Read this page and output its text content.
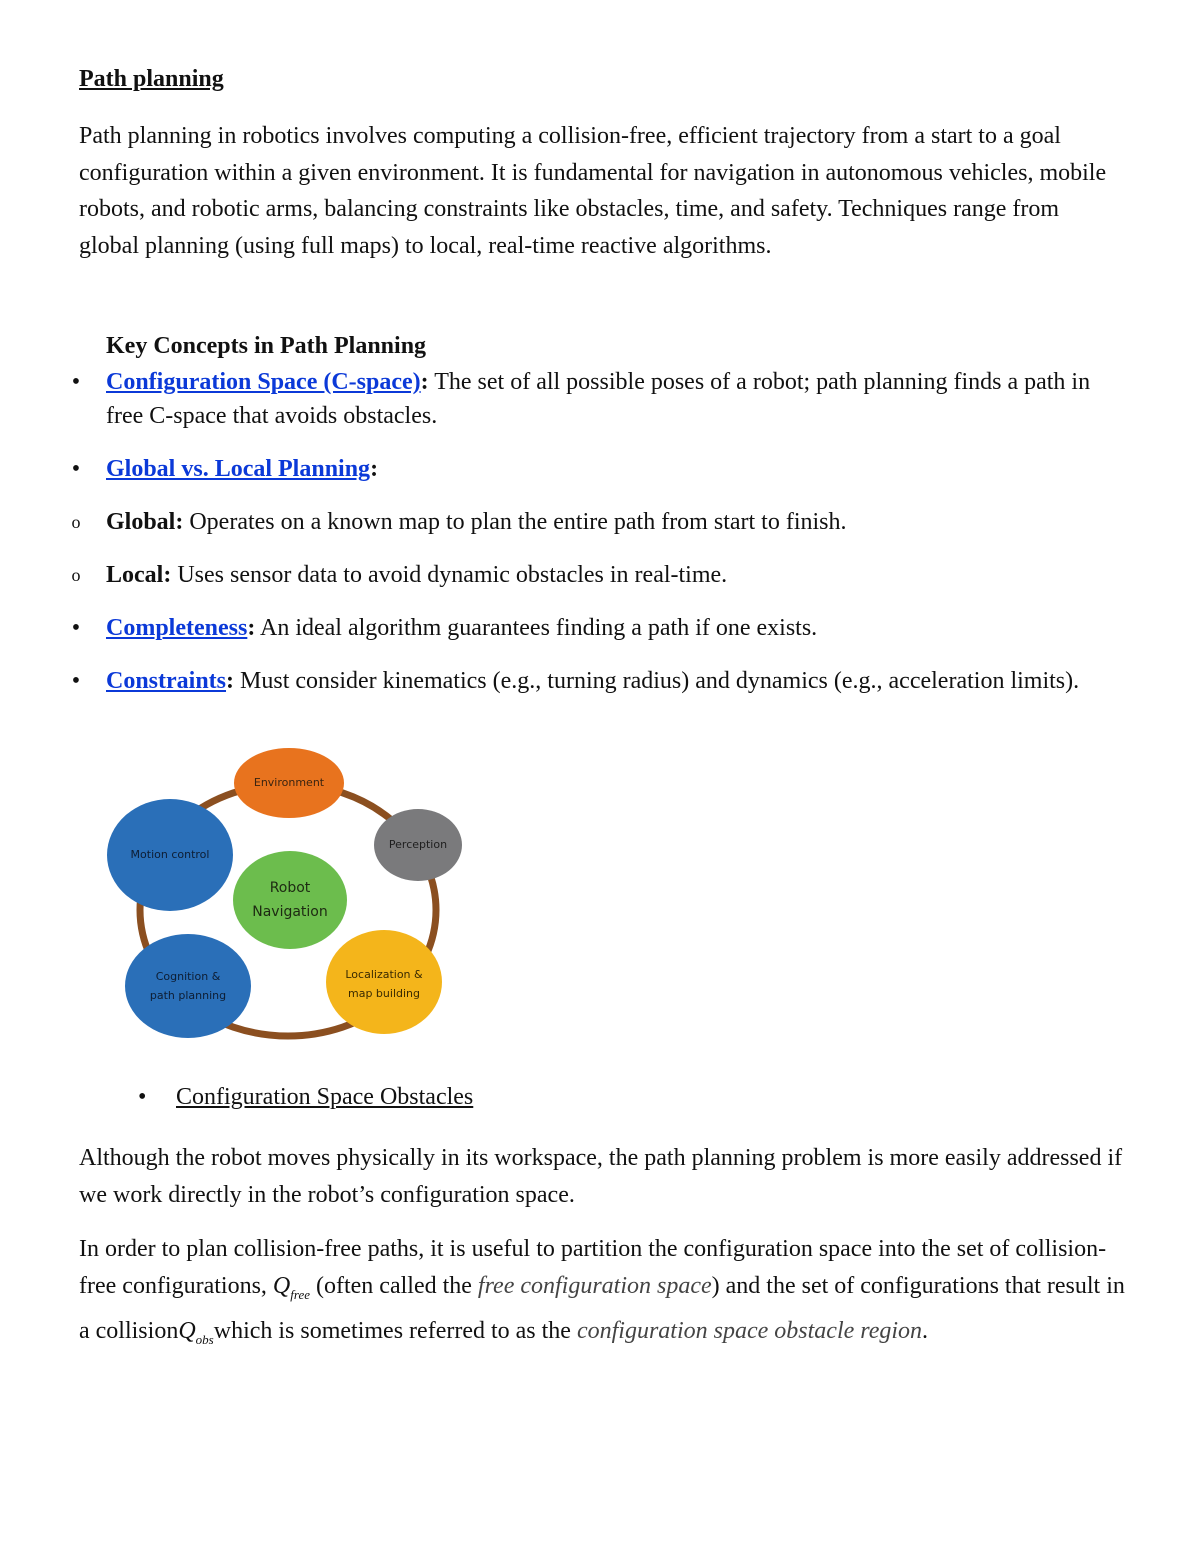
Path planning

Path planning in robotics involves computing a collision-free, efficient trajectory from a start to a goal configuration within a given environment. It is fundamental for navigation in autonomous vehicles, mobile robots, and robotic arms, balancing constraints like obstacles, time, and safety. Techniques range from global planning (using full maps) to local, real-time reactive algorithms.

Key Concepts in Path Planning
• Configuration Space (C-space): The set of all possible poses of a robot; path planning finds a path in free C-space that avoids obstacles.
• Global vs. Local Planning:
o Global: Operates on a known map to plan the entire path from start to finish.
o Local: Uses sensor data to avoid dynamic obstacles in real-time.
• Completeness: An ideal algorithm guarantees finding a path if one exists.
• Constraints: Must consider kinematics (e.g., turning radius) and dynamics (e.g., acceleration limits).
Environment
Perception
Localization &
map building
Cognition &
path planning
Motion control
Robot
Navigation
• Configuration Space Obstacles

Although the robot moves physically in its workspace, the path planning problem is more easily addressed if we work directly in the robot’s configuration space.

In order to plan collision-free paths, it is useful to partition the configuration space into the set of collision-free configurations, $Q_{free}$ (often called the free configuration space) and the set of configurations that result in a collisionQ$_{obs}$which is sometimes referred to as the configuration space obstacle region.
